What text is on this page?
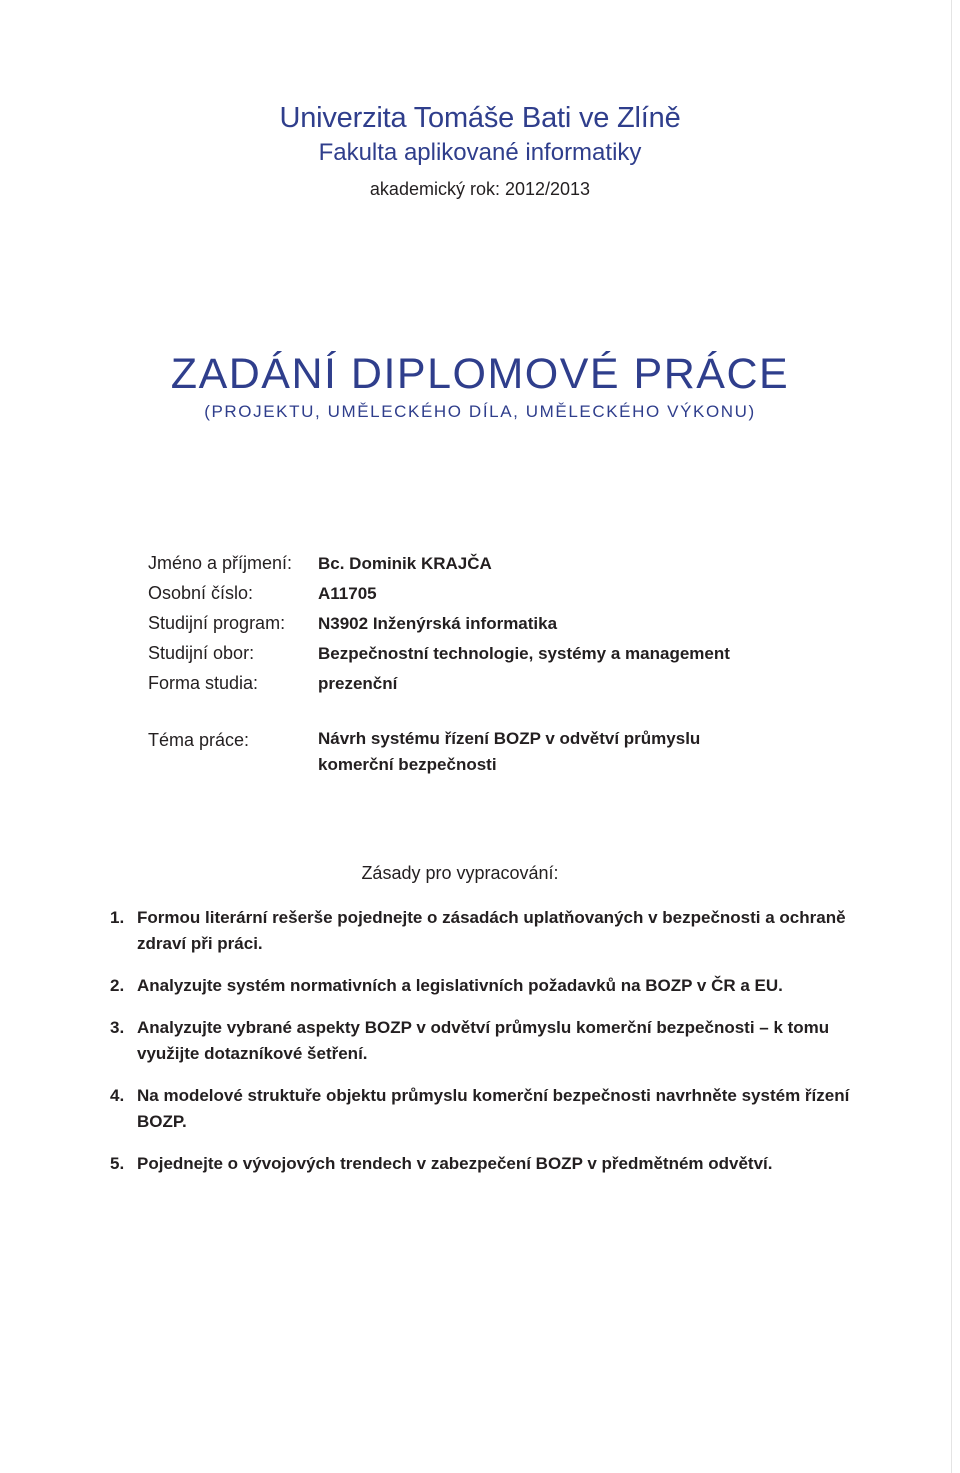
Univerzita Tomáše Bati ve Zlíně
Fakulta aplikované informatiky
akademický rok: 2012/2013
ZADÁNÍ DIPLOMOVÉ PRÁCE
(PROJEKTU, UMĚLECKÉHO DÍLA, UMĚLECKÉHO VÝKONU)
Jméno a příjmení: Bc. Dominik KRAJČA
Osobní číslo:	A11705
Studijní program: N3902 Inženýrská informatika
Studijní obor:	Bezpečnostní technologie, systémy a management
Forma studia:	prezenční
Téma práce:	Návrh systému řízení BOZP v odvětví průmyslu komerční bezpečnosti
Zásady pro vypracování:
1. Formou literární rešerše pojednejte o zásadách uplatňovaných v bezpečnosti a ochraně zdraví při práci.
2. Analyzujte systém normativních a legislativních požadavků na BOZP v ČR a EU.
3. Analyzujte vybrané aspekty BOZP v odvětví průmyslu komerční bezpečnosti – k tomu využijte dotazníkové šetření.
4. Na modelové struktuře objektu průmyslu komerční bezpečnosti navrhněte systém řízení BOZP.
5. Pojednejte o vývojových trendech v zabezpečení BOZP v předmětném odvětví.
